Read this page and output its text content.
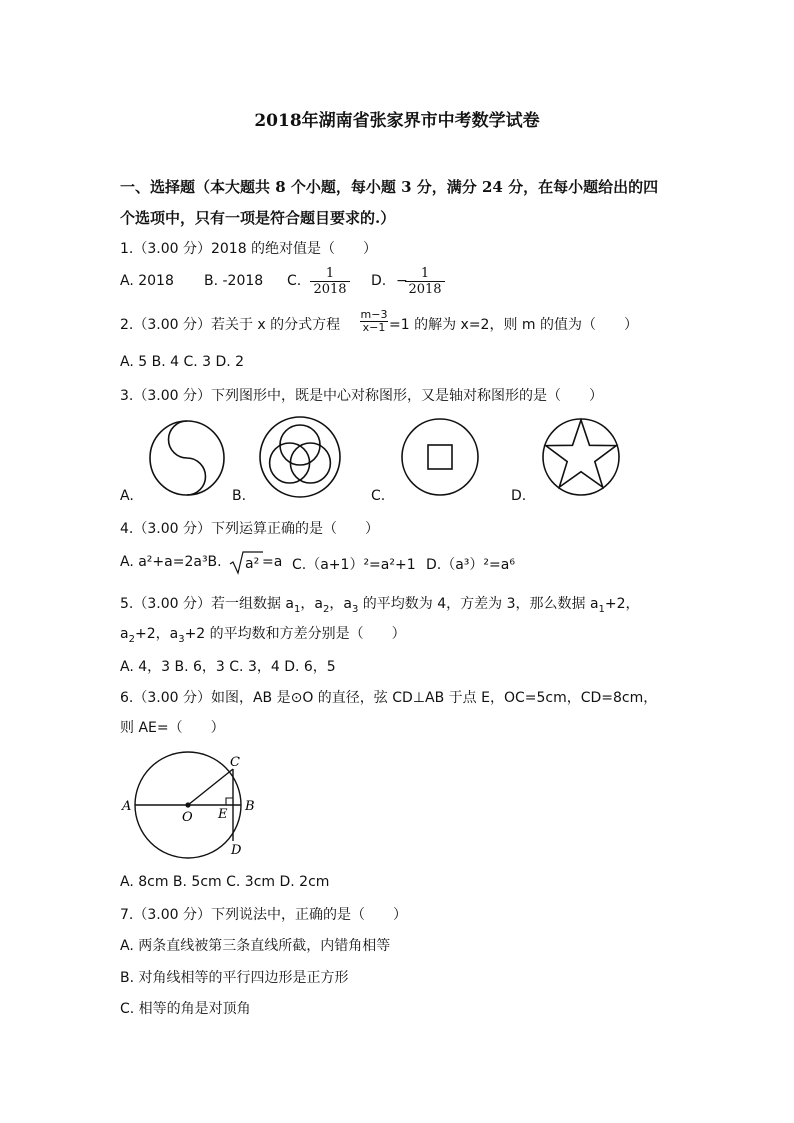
2018年湖南省张家界市中考数学试卷
一、选择题（本大题共 8 个小题，每小题 3 分，满分 24 分，在每小题给出的四
个选项中，只有一项是符合题目要求的.）
1.（3.00 分）2018 的绝对值是（　　）
A. 2018 B. -2018 C. $\frac{1}{2018} D$. −
$\frac{1}{2018}$
2.（3.00 分）若关于 x 的分式方程 $\frac{m-3}{x-1} =1$ 的解为 x=2，则 m 的值为（　　）
A. 5 B. 4 C. 3 D. 2
3.（3.00 分）下列图形中，既是中心对称图形，又是轴对称图形的是（　　）
A.	B.	C.	D.
4.（3.00 分）下列运算正确的是（　　）
A. a²+a=2a³B. a² =a C.（a+1）²=a²+1 D.（a³）²=a⁶
5.（3.00 分）若一组数据 $a_1$，$a_2$，$a_3$ 的平均数为 4，方差为 3，那么数据 $a_1+2$，
$a_2+2$，$a_3+2$ 的平均数和方差分别是（　　）
A. 4，3 B. 6，3 C. 3，4 D. 6，5
6.（3.00 分）如图，AB 是⊙O 的直径，弦 CD⊥AB 于点 E，OC=5cm，CD=8cm，
则 AE=（　　）
A	B
C
D
O E
A. 8cm B. 5cm C. 3cm D. 2cm
7.（3.00 分）下列说法中，正确的是（　　）
A. 两条直线被第三条直线所截，内错角相等
B. 对角线相等的平行四边形是正方形
C. 相等的角是对顶角
